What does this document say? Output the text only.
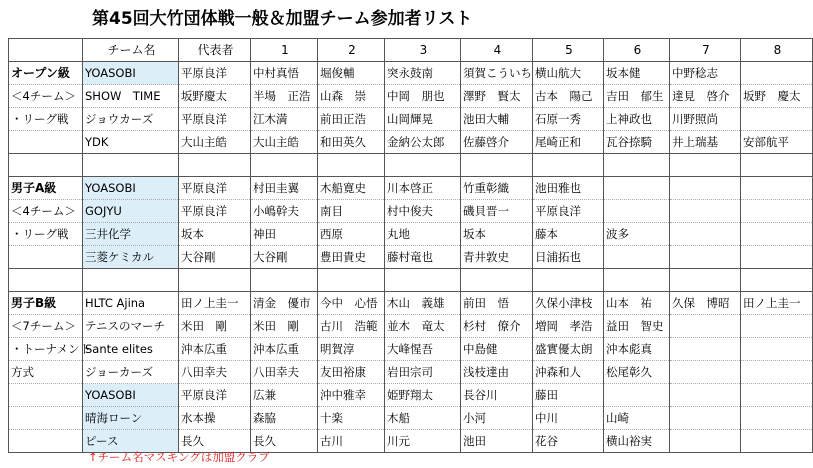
第45回大竹団体戦一般＆加盟チーム参加者リスト
	チーム名	代表者	1	2	3	4	5	6	7	8
オープン級	YOASOBI	平原良洋	中村真悟	堀俊輔	突永鼓南	須賀こういち	横山航大	坂本健	中野稔志	
＜4チーム＞	SHOW　TIME	坂野慶太	半場　正浩	山森　崇	中岡　朋也	澤野　賢太	古本　陽己	吉田　郁生	達見　啓介	坂野　慶太
・リーグ戦	ジョウカーズ	平原良洋	江木満	前田正浩	山岡輝晃	池田大輔	石原一秀	上神政也	川野照尚	
	YDK	大山主皓	大山主皓	和田英久	金納公太郎	佐藤啓介	尾崎正和	瓦谷捺騎	井上瑞基	安部航平

男子A級	YOASOBI	平原良洋	村田圭翼	木船寛史	川本啓正	竹重彰織	池田雅也			
＜4チーム＞	GOJYU	平原良洋	小嶋幹夫	南目	村中俊夫	磯貝晋一	平原良洋			
・リーグ戦	三井化学	坂本	神田	西原	丸地	坂本	藤本	波多		
	三菱ケミカル	大谷剛	大谷剛	豊田貴史	藤村竜也	青井敦史	日浦拓也			

男子B級	HLTC Ajina	田ノ上圭一	清金　優市	今中　心悟	木山　義雄	前田　悟	久保小津枝	山本　祐	久保　博昭	田ノ上圭一
＜7チーム＞	テニスのマーチ	米田　剛	米田　剛	古川　浩範	並木　竜太	杉村　僚介	増岡　孝浩	益田　智史		
・トーナメント	Sante elites	沖本広重	沖本広重	明賀淳	大峰惺吾	中島健	盛實優太朗	沖本彪真		
方式	ジョーカーズ	八田幸夫	八田幸夫	友田裕康	岩田宗司	浅枝達由	沖森和人	松尾彰久		
	YOASOBI	平原良洋	広兼	沖中雅幸	姫野翔太	長谷川	藤田			
	晴海ローン	水本操	森脇	十楽	木船	小河	中川	山崎		
	ピース	長久	長久	古川	川元	池田	花谷	横山裕実		
↑チーム名マスキングは加盟クラブ
